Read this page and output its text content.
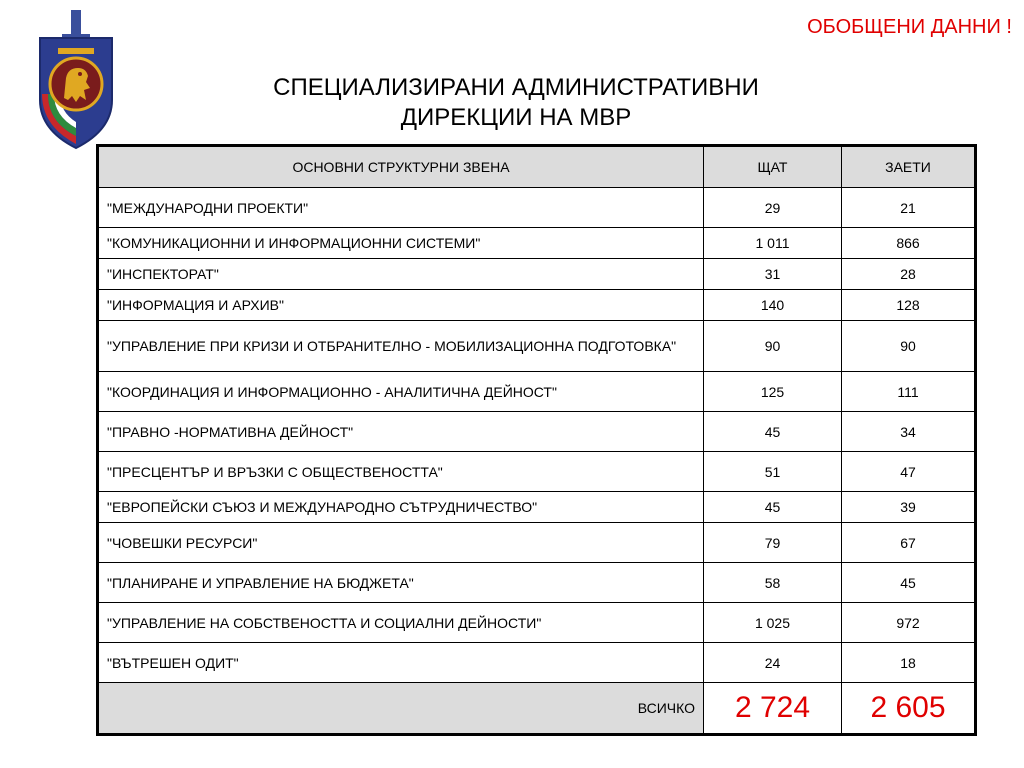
ОБОБЩЕНИ ДАННИ !
СПЕЦИАЛИЗИРАНИ АДМИНИСТРАТИВНИ
ДИРЕКЦИИ НА МВР
ОСНОВНИ СТРУКТУРНИ ЗВЕНА	ЩАТ	ЗАЕТИ
"МЕЖДУНАРОДНИ ПРОЕКТИ"	29	21
"КОМУНИКАЦИОННИ И ИНФОРМАЦИОННИ СИСТЕМИ"	1 011	866
"ИНСПЕКТОРАТ"	31	28
"ИНФОРМАЦИЯ И АРХИВ"	140	128
"УПРАВЛЕНИЕ ПРИ КРИЗИ И ОТБРАНИТЕЛНО - МОБИЛИЗАЦИОННА ПОДГОТОВКА"	90	90
"КООРДИНАЦИЯ И ИНФОРМАЦИОННО - АНАЛИТИЧНА ДЕЙНОСТ"	125	111
"ПРАВНО -НОРМАТИВНА ДЕЙНОСТ"	45	34
"ПРЕСЦЕНТЪР И ВРЪЗКИ С ОБЩЕСТВЕНОСТТА"	51	47
"ЕВРОПЕЙСКИ СЪЮЗ И МЕЖДУНАРОДНО СЪТРУДНИЧЕСТВО"	45	39
"ЧОВЕШКИ РЕСУРСИ"	79	67
"ПЛАНИРАНЕ И УПРАВЛЕНИЕ НА БЮДЖЕТА"	58	45
"УПРАВЛЕНИЕ НА СОБСТВЕНОСТТА И СОЦИАЛНИ ДЕЙНОСТИ"	1 025	972
"ВЪТРЕШЕН ОДИТ"	24	18
ВСИЧКО	2 724	2 605
